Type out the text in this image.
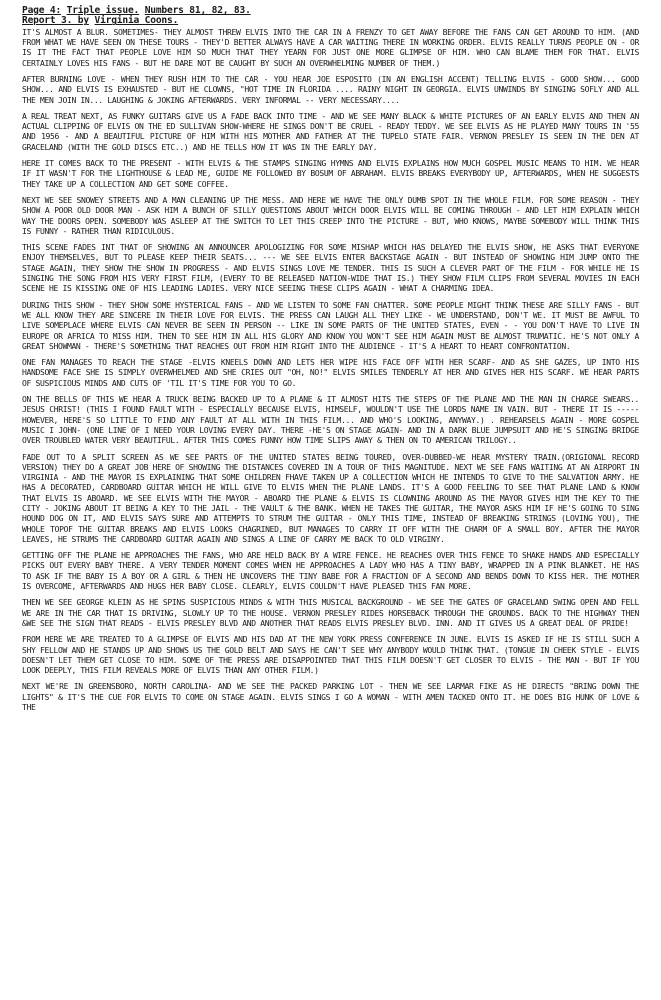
Page 4: Triple issue. Numbers 81, 82, 83.
Report 3. by Virginia Coons.

IT'S ALMOST A BLUR. SOMETIMES- THEY ALMOST THREW ELVIS INTO THE CAR IN A FRENZY TO GET AWAY BEFORE THE FANS CAN GET AROUND TO HIM. (AND FROM WHAT WE HAVE SEEN ON THESE TOURS - THEY'D BETTER ALWAYS HAVE A CAR WAITING THERE IN WORKING ORDER. ELVIS REALLY TURNS PEOPLE ON - OR IS IT THE FACT THAT PEOPLE LOVE HIM SO MUCH THAT THEY YEARN FOR JUST ONE MORE GLIMPSE OF HIM. WHO CAN BLAME THEM FOR THAT. ELVIS CERTAINLY LOVES HIS FANS - BUT HE DARE NOT BE CAUGHT BY SUCH AN OVERWHELMING NUMBER OF THEM.)

AFTER BURNING LOVE - WHEN THEY RUSH HIM TO THE CAR - YOU HEAR JOE ESPOSITO (IN AN ENGLISH ACCENT) TELLING ELVIS - GOOD SHOW... GOOD SHOW... AND ELVIS IS EXHAUSTED - BUT HE CLOWNS, "HOT TIME IN FLORIDA .... RAINY NIGHT IN GEORGIA. ELVIS UNWINDS BY SINGING SOFLY AND ALL THE MEN JOIN IN... LAUGHING & JOKING AFTERWARDS. VERY INFORMAL -- VERY NECESSARY....

A REAL TREAT NEXT, AS FUNKY GUITARS GIVE US A FADE BACK INTO TIME - AND WE SEE MANY BLACK & WHITE PICTURES OF AN EARLY ELVIS AND THEN AN ACTUAL CLIPPING OF ELVIS ON THE ED SULLIVAN SHOW-WHERE HE SINGS DON'T BE CRUEL - READY TEDDY. WE SEE ELVIS AS HE PLAYED MANY TOURS IN '55 AND 1956 - AND A BEAUTIFUL PICTURE OF HIM WITH HIS MOTHER AND FATHER AT THE TUPELO STATE FAIR. VERNON PRESLEY IS SEEN IN THE DEN AT GRACELAND (WITH THE GOLD DISCS ETC..) AND HE TELLS HOW IT WAS IN THE EARLY DAY.

HERE IT COMES BACK TO THE PRESENT - WITH ELVIS & THE STAMPS SINGING HYMNS AND ELVIS EXPLAINS HOW MUCH GOSPEL MUSIC MEANS TO HIM. WE HEAR IF IT WASN'T FOR THE LIGHTHOUSE & LEAD ME, GUIDE ME FOLLOWED BY BOSUM OF ABRAHAM. ELVIS BREAKS EVERYBODY UP, AFTERWARDS, WHEN HE SUGGESTS THEY TAKE UP A COLLECTION AND GET SOME COFFEE.

NEXT WE SEE SNOWEY STREETS AND A MAN CLEANING UP THE MESS. AND HERE WE HAVE THE ONLY DUMB SPOT IN THE WHOLE FILM. FOR SOME REASON - THEY SHOW A POOR OLD DOOR MAN - ASK HIM A BUNCH OF SILLY QUESTIONS ABOUT WHICH DOOR ELVIS WILL BE COMING THROUGH - AND LET HIM EXPLAIN WHICH WAY THE DOORS OPEN. SOMEBODY WAS ASLEEP AT THE SWITCH TO LET THIS CREEP INTO THE PICTURE - BUT, WHO KNOWS, MAYBE SOMEBODY WILL THINK THIS IS FUNNY - RATHER THAN RIDICULOUS.

THIS SCENE FADES INT THAT OF SHOWING AN ANNOUNCER APOLOGIZING FOR SOME MISHAP WHICH HAS DELAYED THE ELVIS SHOW, HE ASKS THAT EVERYONE ENJOY THEMSELVES, BUT TO PLEASE KEEP THEIR SEATS... --- WE SEE ELVIS ENTER BACKSTAGE AGAIN - BUT INSTEAD OF SHOWING HIM JUMP ONTO THE STAGE AGAIN, THEY SHOW THE SHOW IN PROGRESS - AND ELVIS SINGS LOVE ME TENDER. THIS IS SUCH A CLEVER PART OF THE FILM - FOR WHILE HE IS SINGING THE SONG FROM HIS VERY FIRST FILM, (EVERY TO BE RELEASED NATION-WIDE THAT IS.) THEY SHOW FILM CLIPS FROM SEVERAL MOVIES IN EACH SCENE HE IS KISSING ONE OF HIS LEADING LADIES. VERY NICE SEEING THESE CLIPS AGAIN - WHAT A CHARMING IDEA.

DURING THIS SHOW - THEY SHOW SOME HYSTERICAL FANS - AND WE LISTEN TO SOME FAN CHATTER. SOME PEOPLE MIGHT THINK THESE ARE SILLY FANS - BUT WE ALL KNOW THEY ARE SINCERE IN THEIR LOVE FOR ELVIS. THE PRESS CAN LAUGH ALL THEY LIKE - WE UNDERSTAND, DON'T WE. IT MUST BE AWFUL TO LIVE SOMEPLACE WHERE ELVIS CAN NEVER BE SEEN IN PERSON -- LIKE IN SOME PARTS OF THE UNITED STATES, EVEN - - YOU DON'T HAVE TO LIVE IN EUROPE OR AFRICA TO MISS HIM. THEN TO SEE HIM IN ALL HIS GLORY AND KNOW YOU WON'T SEE HIM AGAIN MUST BE ALMOST TRUMATIC. HE'S NOT ONLY A GREAT SHOWMAN - THERE'S SOMETHING THAT REACHES OUT FROM HIM RIGHT INTO THE AUDIENCE - IT'S A HEART TO HEART CONFRONTATION.

ONE FAN MANAGES TO REACH THE STAGE -ELVIS KNEELS DOWN AND LETS HER WIPE HIS FACE OFF WITH HER SCARF- AND AS SHE GAZES, UP INTO HIS HANDSOME FACE SHE IS SIMPLY OVERWHELMED AND SHE CRIES OUT "OH, NO!" ELVIS SMILES TENDERLY AT HER AND GIVES HER HIS SCARF. WE HEAR PARTS OF SUSPICIOUS MINDS AND CUTS OF 'TIL IT'S TIME FOR YOU TO GO.

ON THE BELLS OF THIS WE HEAR A TRUCK BEING BACKED UP TO A PLANE & IT ALMOST HITS THE STEPS OF THE PLANE AND THE MAN IN CHARGE SWEARS.. JESUS CHRIST! (THIS I FOUND FAULT WITH - ESPECIALLY BECAUSE ELVIS, HIMSELF, WOULDN'T USE THE LORDS NAME IN VAIN. BUT - THERE IT IS ----- HOWEVER, HERE'S SO LITTLE TO FIND ANY FAULT AT ALL WITH IN THIS FILM... AND WHO'S LOOKING, ANYWAY.) . REHEARSELS AGAIN - MORE GOSPEL MUSIC I JOHN- (ONE LINE OF I NEED YOUR LOVING EVERY DAY. THERE -HE'S ON STAGE AGAIN- AND IN A DARK BLUE JUMPSUIT AND HE'S SINGING BRIDGE OVER TROUBLED WATER VERY BEAUTIFUL. AFTER THIS COMES FUNNY HOW TIME SLIPS AWAY & THEN ON TO AMERICAN TRILOGY..

FADE OUT TO A SPLIT SCREEN AS WE SEE PARTS OF THE UNITED STATES BEING TOURED, OVER-DUBBED-WE HEAR MYSTERY TRAIN.(ORIGIONAL RECORD VERSION) THEY DO A GREAT JOB HERE OF SHOWING THE DISTANCES COVERED IN A TOUR OF THIS MAGNITUDE. NEXT WE SEE FANS WAITING AT AN AIRPORT IN VIRGINIA - AND THE MAYOR IS EXPLAINING THAT SOME CHILDREN FHAVE TAKEN UP A COLLECTION WHICH HE INTENDS TO GIVE TO THE SALVATION ARMY. HE HAS A DECORATED, CARDBOARD GUITAR WHICH HE WILL GIVE TO ELVIS WHEN THE PLANE LANDS. IT'S A GOOD FEELING TO SEE THAT PLANE LAND & KNOW THAT ELVIS IS ABOARD. WE SEE ELVIS WITH THE MAYOR - ABOARD THE PLANE & ELVIS IS CLOWNING AROUND AS THE MAYOR GIVES HIM THE KEY TO THE CITY - JOKING ABOUT IT BEING A KEY TO THE JAIL - THE VAULT & THE BANK. WHEN HE TAKES THE GUITAR, THE MAYOR ASKS HIM IF HE'S GOING TO SING HOUND DOG ON IT, AND ELVIS SAYS SURE AND ATTEMPTS TO STRUM THE GUITAR - ONLY THIS TIME, INSTEAD OF BREAKING STRINGS (LOVING YOU), THE WHOLE TOPOF THE GUITAR BREAKS AND ELVIS LOOKS CHAGRINED, BUT MANAGES TO CARRY IT OFF WITH THE CHARM OF A SMALL BOY. AFTER THE MAYOR LEAVES, HE STRUMS THE CARDBOARD GUITAR AGAIN AND SINGS A LINE OF CARRY ME BACK TO OLD VIRGINY.

GETTING OFF THE PLANE HE APPROACHES THE FANS, WHO ARE HELD BACK BY A WIRE FENCE. HE REACHES OVER THIS FENCE TO SHAKE HANDS AND ESPECIALLY PICKS OUT EVERY BABY THERE. A VERY TENDER MOMENT COMES WHEN HE APPROACHES A LADY WHO HAS A TINY BABY, WRAPPED IN A PINK BLANKET. HE HAS TO ASK IF THE BABY IS A BOY OR A GIRL & THEN HE UNCOVERS THE TINY BABE FOR A FRACTION OF A SECOND AND BENDS DOWN TO KISS HER. THE MOTHER IS OVERCOME, AFTERWARDS AND HUGS HER BABY CLOSE. CLEARLY, ELVIS COULDN'T HAVE PLEASED THIS FAN MORE.

THEN WE SEE GEORGE KLEIN AS HE SPINS SUSPICIOUS MINDS & WITH THIS MUSICAL BACKGROUND - WE SEE THE GATES OF GRACELAND SWING OPEN AND FELL WE ARE IN THE CAR THAT IS DRIVING, SLOWLY UP TO THE HOUSE. VERNON PRESLEY RIDES HORSEBACK THROUGH THE GROUNDS. BACK TO THE HIGHWAY THEN &WE SEE THE SIGN THAT READS - ELVIS PRESLEY BLVD AND ANOTHER THAT READS ELVIS PRESLEY BLVD. INN. AND IT GIVES US A GREAT DEAL OF PRIDE!

FROM HERE WE ARE TREATED TO A GLIMPSE OF ELVIS AND HIS DAD AT THE NEW YORK PRESS CONFERENCE IN JUNE. ELVIS IS ASKED IF HE IS STILL SUCH A SHY FELLOW AND HE STANDS UP AND SHOWS US THE GOLD BELT AND SAYS HE CAN'T SEE WHY ANYBODY WOULD THINK THAT. (TONGUE IN CHEEK STYLE - ELVIS DOESN'T LET THEM GET CLOSE TO HIM. SOME OF THE PRESS ARE DISAPPOINTED THAT THIS FILM DOESN'T GET CLOSER TO ELVIS - THE MAN - BUT IF YOU LOOK DEEPLY, THIS FILM REVEALS MORE OF ELVIS THAN ANY OTHER FILM.)

NEXT WE'RE IN GREENSBORO, NORTH CAROLINA- AND WE SEE THE PACKED PARKING LOT - THEN WE SEE LARMAR FIKE AS HE DIRECTS "BRING DOWN THE LIGHTS" & IT'S THE CUE FOR ELVIS TO COME ON STAGE AGAIN. ELVIS SINGS I GO A WOMAN - WITH AMEN TACKED ONTO IT. HE DOES BIG HUNK OF LOVE & THE
